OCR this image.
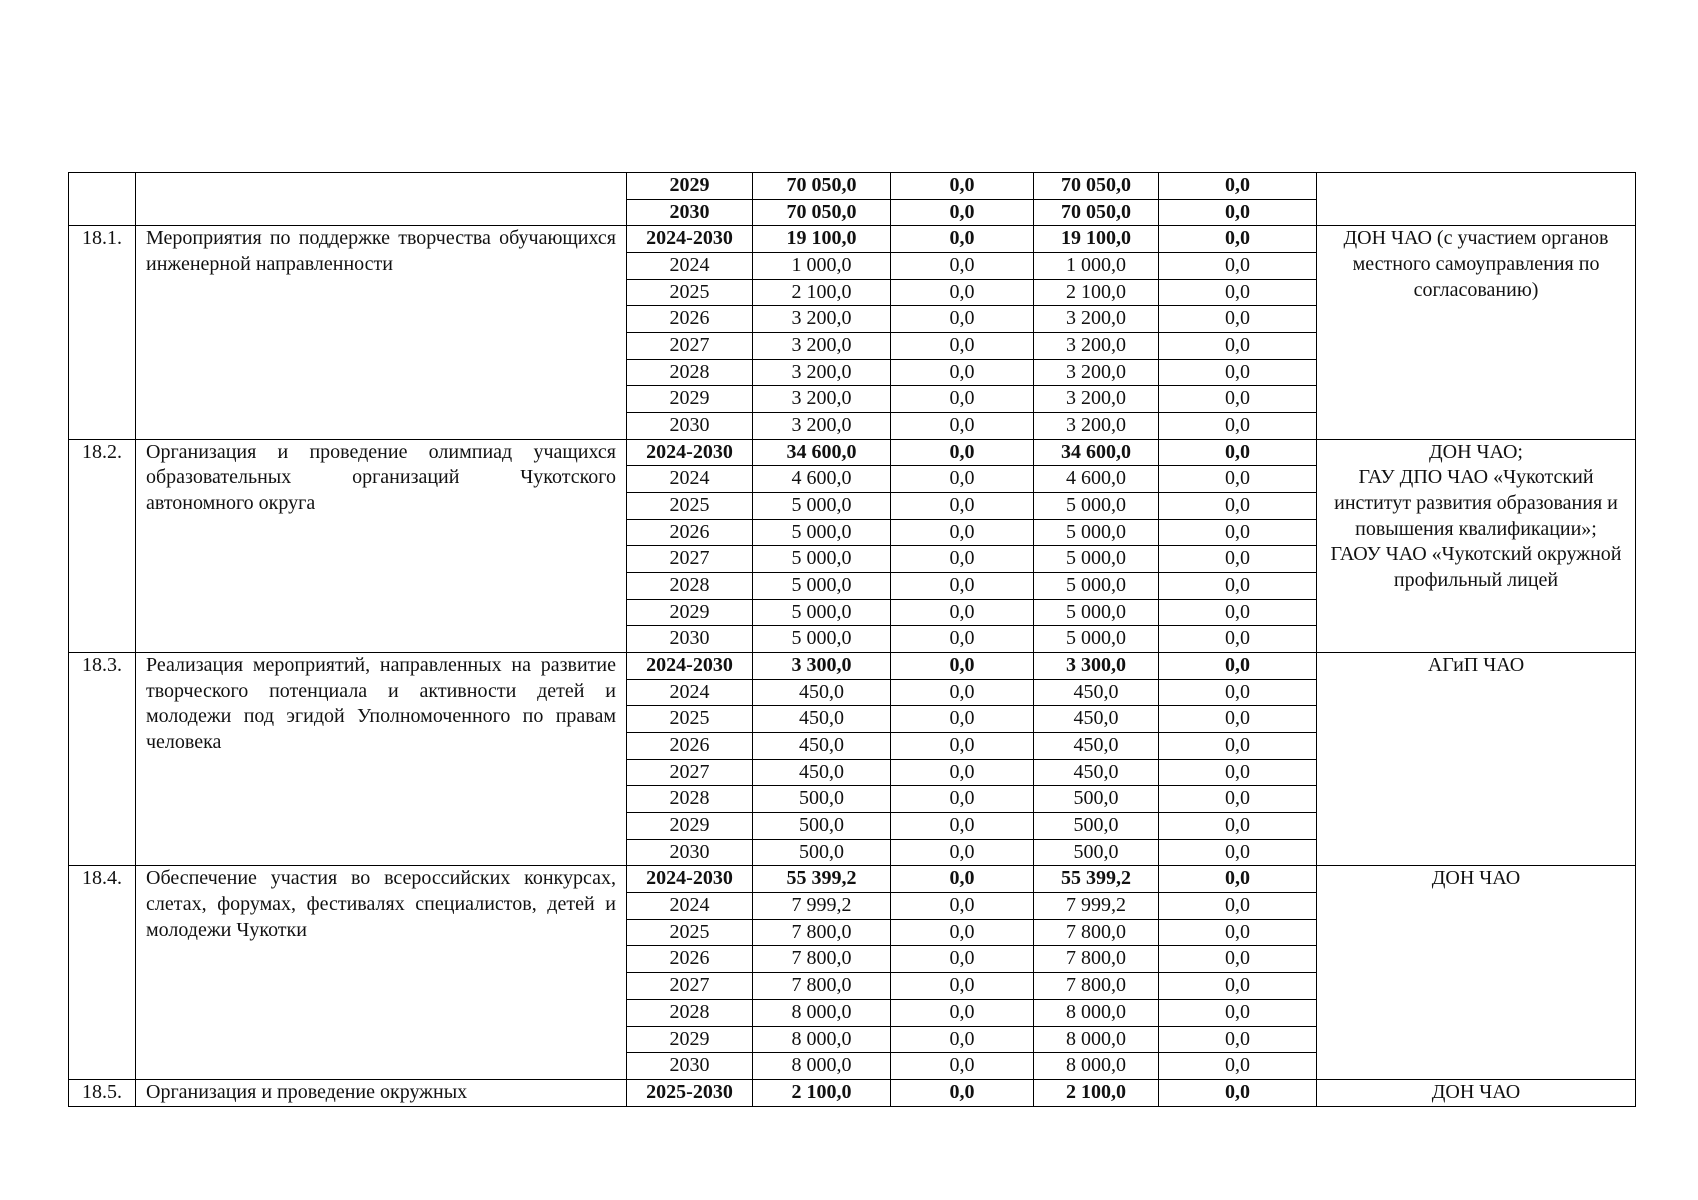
		2029	70 050,0	0,0	70 050,0	0,0	
		2030	70 050,0	0,0	70 050,0	0,0	
18.1.	Мероприятия по поддержке творчества обучающихся инженерной направленности	2024-2030	19 100,0	0,0	19 100,0	0,0	ДОН ЧАО (с участием органов местного самоуправления по согласованию)

		2024	1 000,0	0,0	1 000,0	0,0	
		2025	2 100,0	0,0	2 100,0	0,0	
		2026	3 200,0	0,0	3 200,0	0,0	
		2027	3 200,0	0,0	3 200,0	0,0	
		2028	3 200,0	0,0	3 200,0	0,0	
		2029	3 200,0	0,0	3 200,0	0,0	
		2030	3 200,0	0,0	3 200,0	0,0	
18.2.	Организация и проведение олимпиад учащихся образовательных организаций Чукотского автономного округа	2024-2030	34 600,0	0,0	34 600,0	0,0	ДОН ЧАО;
ГАУ ДПО ЧАО «Чукотский институт развития образования и повышения квалификации»;
ГАОУ ЧАО «Чукотский окружной профильный лицей

		2024	4 600,0	0,0	4 600,0	0,0	
		2025	5 000,0	0,0	5 000,0	0,0	
		2026	5 000,0	0,0	5 000,0	0,0	
		2027	5 000,0	0,0	5 000,0	0,0	
		2028	5 000,0	0,0	5 000,0	0,0	
		2029	5 000,0	0,0	5 000,0	0,0	
		2030	5 000,0	0,0	5 000,0	0,0	
18.3.	Реализация мероприятий, направленных на развитие творческого потенциала и активности детей и молодежи под эгидой Уполномоченного по правам человека	2024-2030	3 300,0	0,0	3 300,0	0,0	АГиП ЧАО

		2024	450,0	0,0	450,0	0,0	
		2025	450,0	0,0	450,0	0,0	
		2026	450,0	0,0	450,0	0,0	
		2027	450,0	0,0	450,0	0,0	
		2028	500,0	0,0	500,0	0,0	
		2029	500,0	0,0	500,0	0,0	
		2030	500,0	0,0	500,0	0,0	
18.4.	Обеспечение участия во всероссийских конкурсах, слетах, форумах, фестивалях специалистов, детей и молодежи Чукотки	2024-2030	55 399,2	0,0	55 399,2	0,0	ДОН ЧАО

		2024	7 999,2	0,0	7 999,2	0,0	
		2025	7 800,0	0,0	7 800,0	0,0	
		2026	7 800,0	0,0	7 800,0	0,0	
		2027	7 800,0	0,0	7 800,0	0,0	
		2028	8 000,0	0,0	8 000,0	0,0	
		2029	8 000,0	0,0	8 000,0	0,0	
		2030	8 000,0	0,0	8 000,0	0,0	
18.5.	Организация и проведение окружных	2025-2030	2 100,0	0,0	2 100,0	0,0	ДОН ЧАО
